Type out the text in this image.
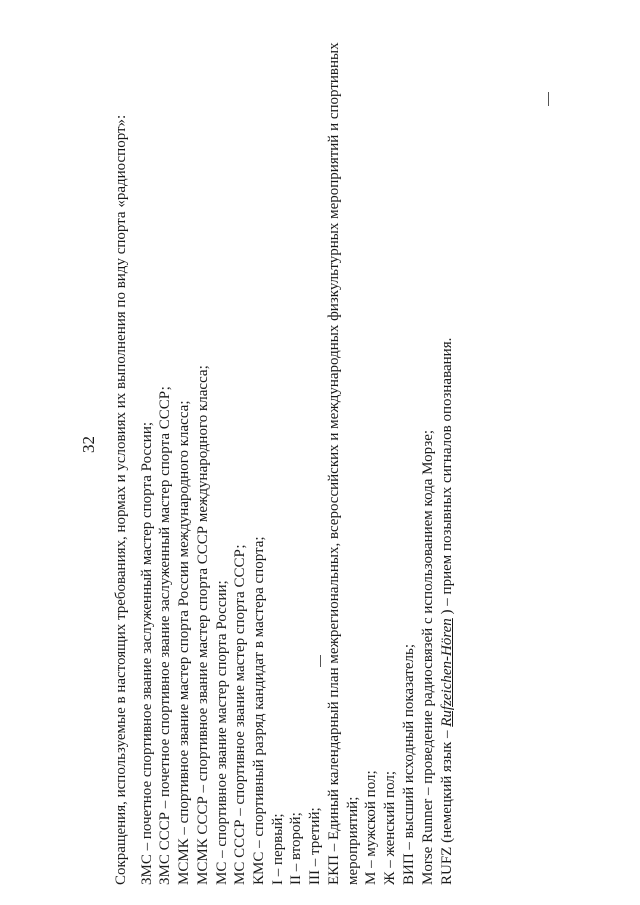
32 Сокращения, используемые в настоящих требованиях, нормах и условиях их выполнения по виду спорта «радиоспорт»: ЗМС – почетное спортивное звание заслуженный мастер спорта России; ЗМС СССР – почетное спортивное звание заслуженный мастер спорта СССР; МСМК – спортивное звание мастер спорта России международного класса; МСМК СССР – спортивное звание мастер спорта СССР международного класса; МС – спортивное звание мастер спорта России; МС СССР – спортивное звание мастер спорта СССР; КМС – спортивный разряд кандидат в мастера спорта; I – первый; II – второй; III – третий; ЕКП – Единый календарный план межрегиональных, всероссийских и международных физкультурных мероприятий и спортивных мероприятий; М – мужской пол; Ж – женский пол; ВИП – высший исходный показатель; Morse Runner – проведение радиосвязей с использованием кода Морзе; RUFZ (немецкий язык – Rufzeichen-Hören ) – прием позывных сигналов опознавания.
